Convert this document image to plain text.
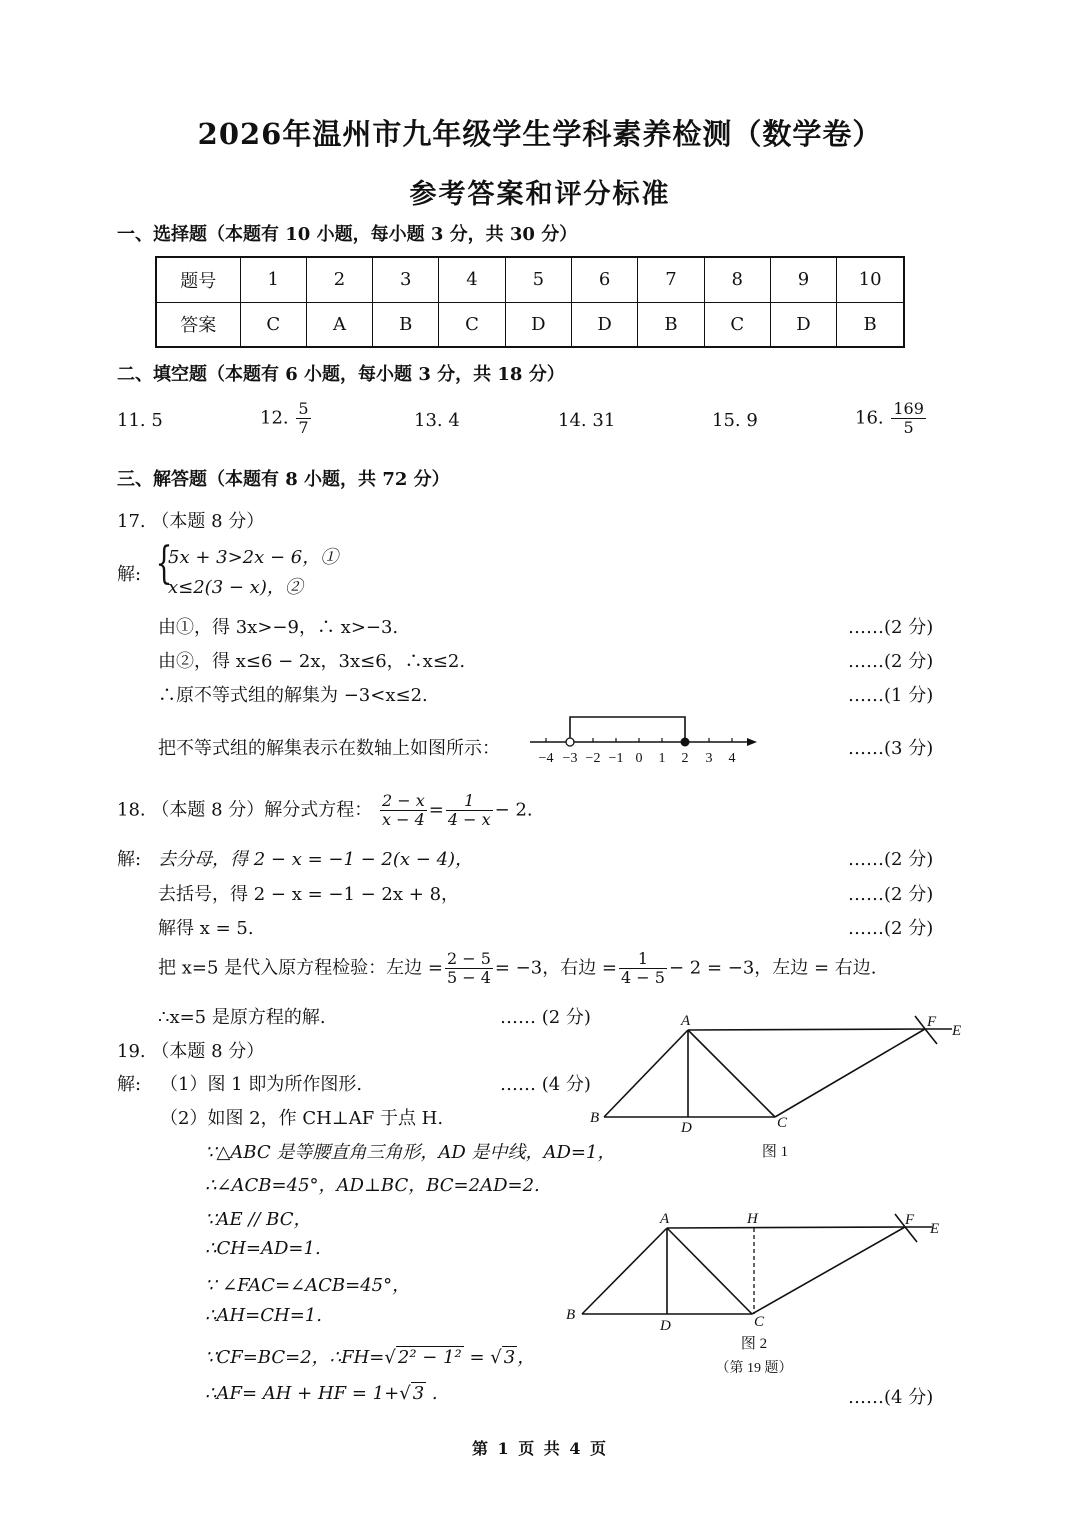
2026年温州市九年级学生学科素养检测（数学卷）
参考答案和评分标准
一、选择题（本题有 10 小题，每小题 3 分，共 30 分）
题号	1	2	3	4	5	6	7	8	9	10
答案	C	A	B	C	D	D	B	C	D	B
二、填空题（本题有 6 小题，每小题 3 分，共 18 分）
11. 5	12. $\frac{5}{7}$	13. 4	14. 31	15. 9	16. $\frac{169}{5}$
三、解答题（本题有 8 小题，共 72 分）
17. （本题 8 分）
解: {
5x + 3>2x − 6，①
x≤2(3 − x)，②
由①，得 3x>−9，∴ x>−3.	……(2 分)
由②，得 x≤6 − 2x，3x≤6，∴x≤2.	……(2 分)
∴原不等式组的解集为 −3<x≤2.	……(1 分)
把不等式组的解集表示在数轴上如图所示：	……(3 分)
−4 −3 −2 −1 0 1 2 3 4
18. （本题 8 分）解分式方程： $\frac{2 - x}{x - 4} = \frac{1}{4 - x} - 2$.
解: 去分母，得 2 − x = −1 − 2(x − 4)，	……(2 分)
去括号，得 2 − x = −1 − 2x + 8，	……(2 分)
解得 x = 5.	……(2 分)
把 x=5 是代入原方程检验：左边 = $\frac{2 - 5}{5 - 4} = -3$，右边 = $\frac{1}{4 - 5} - 2 = -3$，左边 = 右边.
∴x=5 是原方程的解.	…… (2 分)
19. （本题 8 分）
解: （1）图 1 即为所作图形.	…… (4 分)
（2）如图 2，作 CH⊥AF 于点 H.
∵△ABC 是等腰直角三角形，AD 是中线，AD=1，
∴∠ACB=45°，AD⊥BC，BC=2AD=2.
∵AE // BC，
∴CH=AD=1.
∵ ∠FAC=∠ACB=45°，
∴AH=CH=1.
∵CF=BC=2，∴FH=√ 2² − 1² = √ 3 ，
∴AF= AH + HF = 1+√ 3 .	……(4 分)
A
B	C
D
E
F
图 1
A
B	C
D
E
F
H
图 2
（第 19 题）
第 1 页 共 4 页
